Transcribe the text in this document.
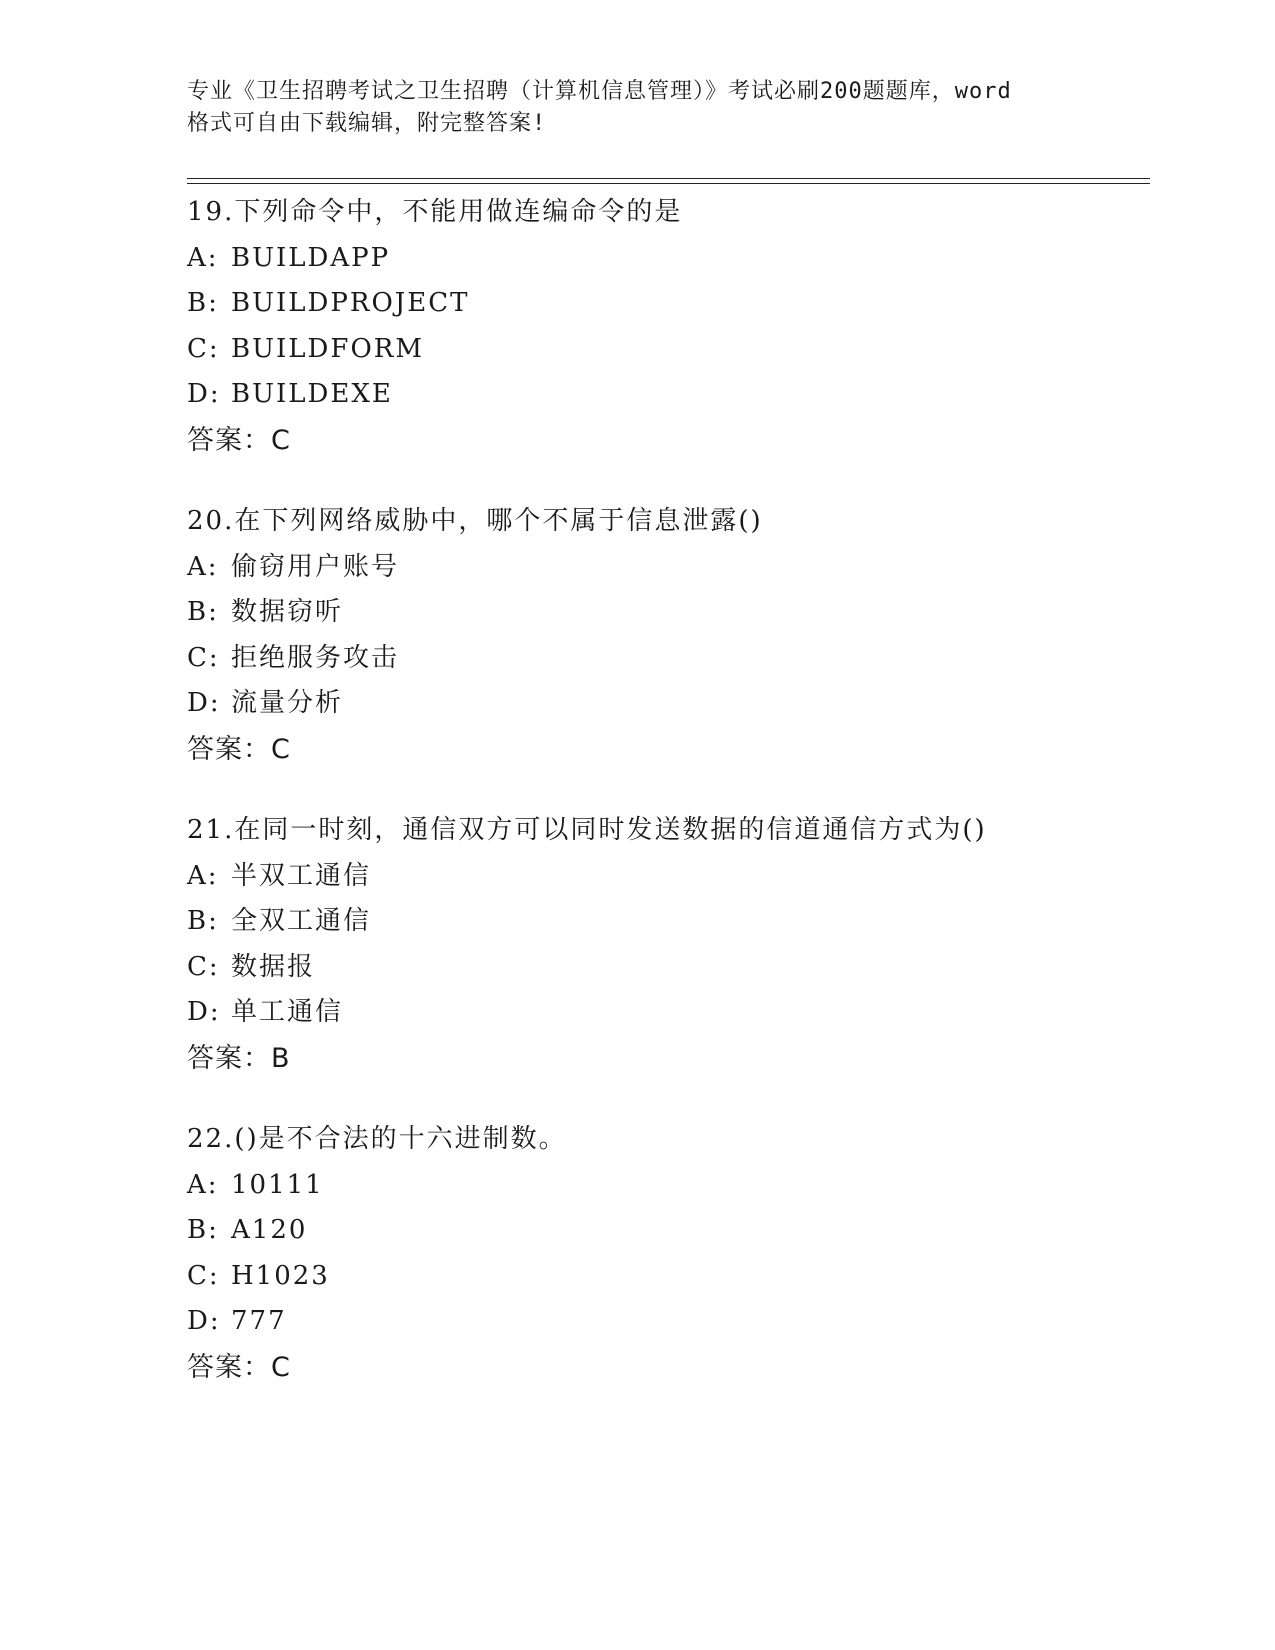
专业《卫生招聘考试之卫生招聘（计算机信息管理）》考试必刷200题题库，word
格式可自由下载编辑，附完整答案!
19.下列命令中，不能用做连编命令的是
A: BUILDAPP
B: BUILDPROJECT
C: BUILDFORM
D: BUILDEXE
答案：C
20.在下列网络威胁中，哪个不属于信息泄露()
A: 偷窃用户账号
B: 数据窃听
C: 拒绝服务攻击
D: 流量分析
答案：C
21.在同一时刻，通信双方可以同时发送数据的信道通信方式为()
A: 半双工通信
B: 全双工通信
C: 数据报
D: 单工通信
答案：B
22.()是不合法的十六进制数。
A: 10111
B: A120
C: H1023
D: 777
答案：C
